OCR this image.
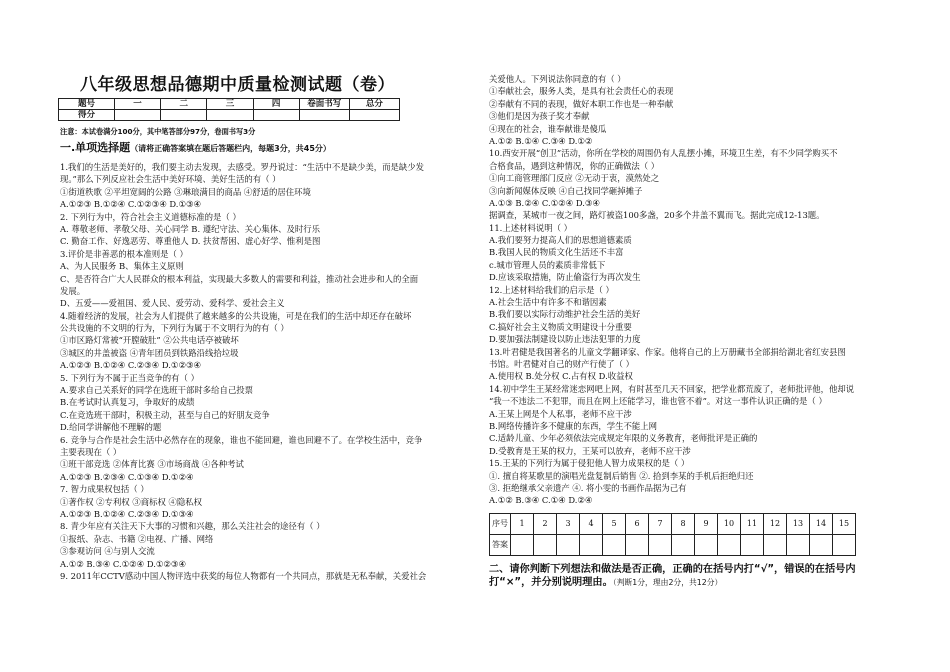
八年级思想品德期中质量检测试题（卷）
题号	一	二	三	四	卷面书写	总分
得分						
注意：本试卷满分100分，其中笔答部分97分，卷面书写3分
一.单项选择题（请将正确答案填在题后答题栏内，每题3分，共45分）
1.我们的生活是美好的，我们要主动去发现，去感受。罗丹说过：“生活中不是缺少美，而是缺少发
现。”那么下列反应社会生活中美好环境、美好生活的有（ ）
①街道秩歌 ②平坦宽阔的公路 ③琳琅满目的商品 ④舒适的居住环境
A.①②③ B.①②④ C.①②③④ D.①③④
2. 下列行为中，符合社会主义道德标准的是（ ）
A. 尊敬老师、孝敬父母、关心同学 B. 遵纪守法、关心集体、及时行乐
C. 勤奋工作、好逸恶劳、尊重他人 D. 扶贫帮困、虚心好学、惟利是图
3.评价是非善恶的根本准则是（ ）
A、为人民服务 B、集体主义原则
C、是否符合广大人民群众的根本利益，实现最大多数人的需要和利益，推动社会进步和人的全面
发展。
D、五爱——爱祖国、爱人民、爱劳动、爱科学、爱社会主义
4.随着经济的发展，社会为人们提供了越来越多的公共设施，可是在我们的生活中却还存在破坏
公共设施的不文明的行为，下列行为属于不文明行为的有（ ）
①市区路灯常被“开膛破肚” ②公共电话亭被破坏
③城区的井盖被盗 ④青年团员到铁路沿线拾垃圾
A.①②③ B.①②④ C.②③④ D.①②③④
5. 下列行为不属于正当竞争的有（ ）
A.要求自己关系好的同学在选班干部时多给自己投票
B.在考试时认真复习，争取好的成绩
C.在竞选班干部时，积极主动，甚至与自己的好朋友竞争
D.给同学讲解他不理解的题
6. 竞争与合作是社会生活中必然存在的现象，谁也不能回避，谁也回避不了。在学校生活中，竞争
主要表现在（ ）
①班干部竞选 ②体育比赛 ③市场商战 ④各种考试
A.①②③ B.②③④ C.①③④ D.①②④
7. 智力成果权包括（ ）
①著作权 ②专利权 ③商标权 ④隐私权
A.①②③ B.①②④ C.②③④ D.①③④
8. 青少年应有关注天下大事的习惯和兴趣，那么关注社会的途径有（ ）
①报纸、杂志、书籍 ②电视、广播、网络
③参观访问 ④与别人交流
A.①② B.③④ C.①②④ D.①②③④
9. 2011年CCTV感动中国人物评选中获奖的每位人物都有一个共同点，那就是无私奉献，关爱社会
关爱他人。下列说法你同意的有（ ）
①奉献社会，服务人类，是具有社会责任心的表现
②奉献有不同的表现，做好本职工作也是一种奉献
③他们是因为孩子奖才奉献
④现在的社会，谁奉献谁是傻瓜
A.①② B.①④ C.③④ D.①②
10.西安开展“创卫”活动，你所在学校的周围仍有人乱摆小摊，环境卫生差，有不少同学购买不
合格食品，遇到这种情况，你的正确做法（ ）
①向工商管理部门反应 ②无动于衷，漠然处之
③向新闻媒体反映 ④自己找同学砸掉摊子
A.①③ B.②④ C.①②④ D.③④
据调查，某城市一夜之间，路灯被盗100多盏，20多个井盖不翼而飞。据此完成12-13题。
11.上述材料说明（ ）
A.我们要努力提高人们的思想道德素质
B.我国人民的物质文化生活还不丰富
c.城市管理人员的素质非常低下
D.应该采取措施，防止偷盗行为再次发生
12.上述材料给我们的启示是（ ）
A.社会生活中有许多不和谐因素
B.我们要以实际行动维护社会生活的美好
C.搞好社会主义物质文明建设十分重要
D.要加强法制建设以防止违法犯罪的力度
13.叶君健是我国著名的儿童文学翻译家、作家。他将自己的上万册藏书全部捐给湖北省红安县图
书馆。叶君健对自己的财产行使了（ ）
A.使用权 B.处分权 C.占有权 D.收益权
14.初中学生王某经常迷恋网吧上网，有时甚至几天不回家，把学业都荒废了，老师批评他，他却说
“我一不违法二不犯罪，而且在网上还能学习，谁也管不着”。对这一事件认识正确的是（ ）
A.王某上网是个人私事，老师不应干涉
B.网络传播许多不健康的东西，学生不能上网
C.适龄儿童、少年必须依法完成规定年限的义务教育，老师批评是正确的
D.受教育是王某的权力，王某可以放弃，老师不应干涉
15.王某的下列行为属于侵犯他人智力成果权的是（ ）
①. 擅自将某歌星的演唱光盘复制后销售 ②. 拾到李某的手机后拒绝归还
③. 拒绝继承父亲遗产 ④. 将小雯的书画作品据为己有
A.①② B.③④ C.①④ D.②④
序号	1	2	3	4	5	6	7	8	9	10	11	12	13	14	15
答案															
二、请你判断下列想法和做法是否正确，正确的在括号内打“√”，错误的在括号内打“×”，并分别说明理由。（判断1分，理由2分，共12分）
